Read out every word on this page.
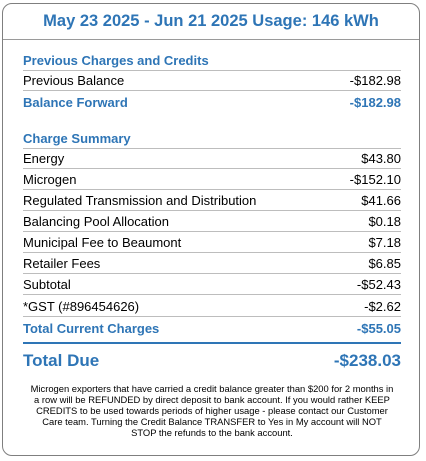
May 23 2025 - Jun 21 2025 Usage: 146 kWh
Previous Charges and Credits
Previous Balance	-$182.98
Balance Forward	-$182.98
Charge Summary
Energy	$43.80
Microgen	-$152.10
Regulated Transmission and Distribution	$41.66
Balancing Pool Allocation	$0.18
Municipal Fee to Beaumont	$7.18
Retailer Fees	$6.85
Subtotal	-$52.43
*GST (#896454626)	-$2.62
Total Current Charges	-$55.05
Total Due	-$238.03
Microgen exporters that have carried a credit balance greater than $200 for 2 months in a row will be REFUNDED by direct deposit to bank account. If you would rather KEEP CREDITS to be used towards periods of higher usage - please contact our Customer Care team. Turning the Credit Balance TRANSFER to Yes in My account will NOT STOP the refunds to the bank account.
